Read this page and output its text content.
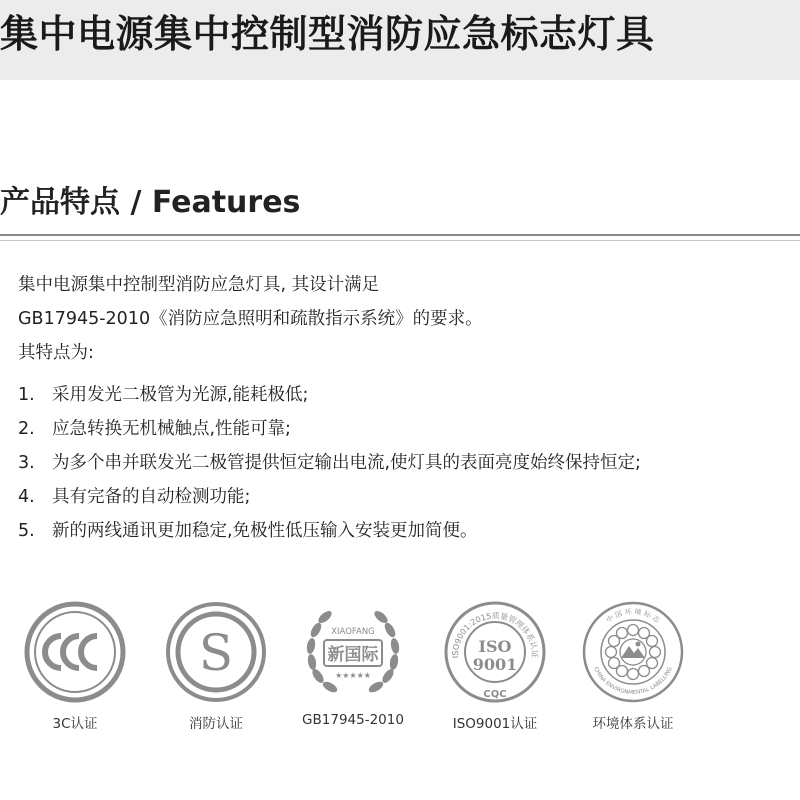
集中电源集中控制型消防应急标志灯具
产品特点 / Features
集中电源集中控制型消防应急灯具, 其设计满足
GB17945-2010《消防应急照明和疏散指示系统》的要求。
其特点为:
1. 采用发光二极管为光源,能耗极低;
2. 应急转换无机械触点,性能可靠;
3. 为多个串并联发光二极管提供恒定输出电流,使灯具的表面亮度始终保持恒定;
4. 具有完备的自动检测功能;
5. 新的两线通讯更加稳定,免极性低压输入安装更加简便。
3C认证
S
消防认证
XIAOFANG
新国际
★★★★★
GB17945-2010
ISO9001:2015质量管理体系认证
ISO
9001
CQC
ISO9001认证
中 国 环 境 标 志
CHINA ENVIRONMENTAL LABELLING
环境体系认证
